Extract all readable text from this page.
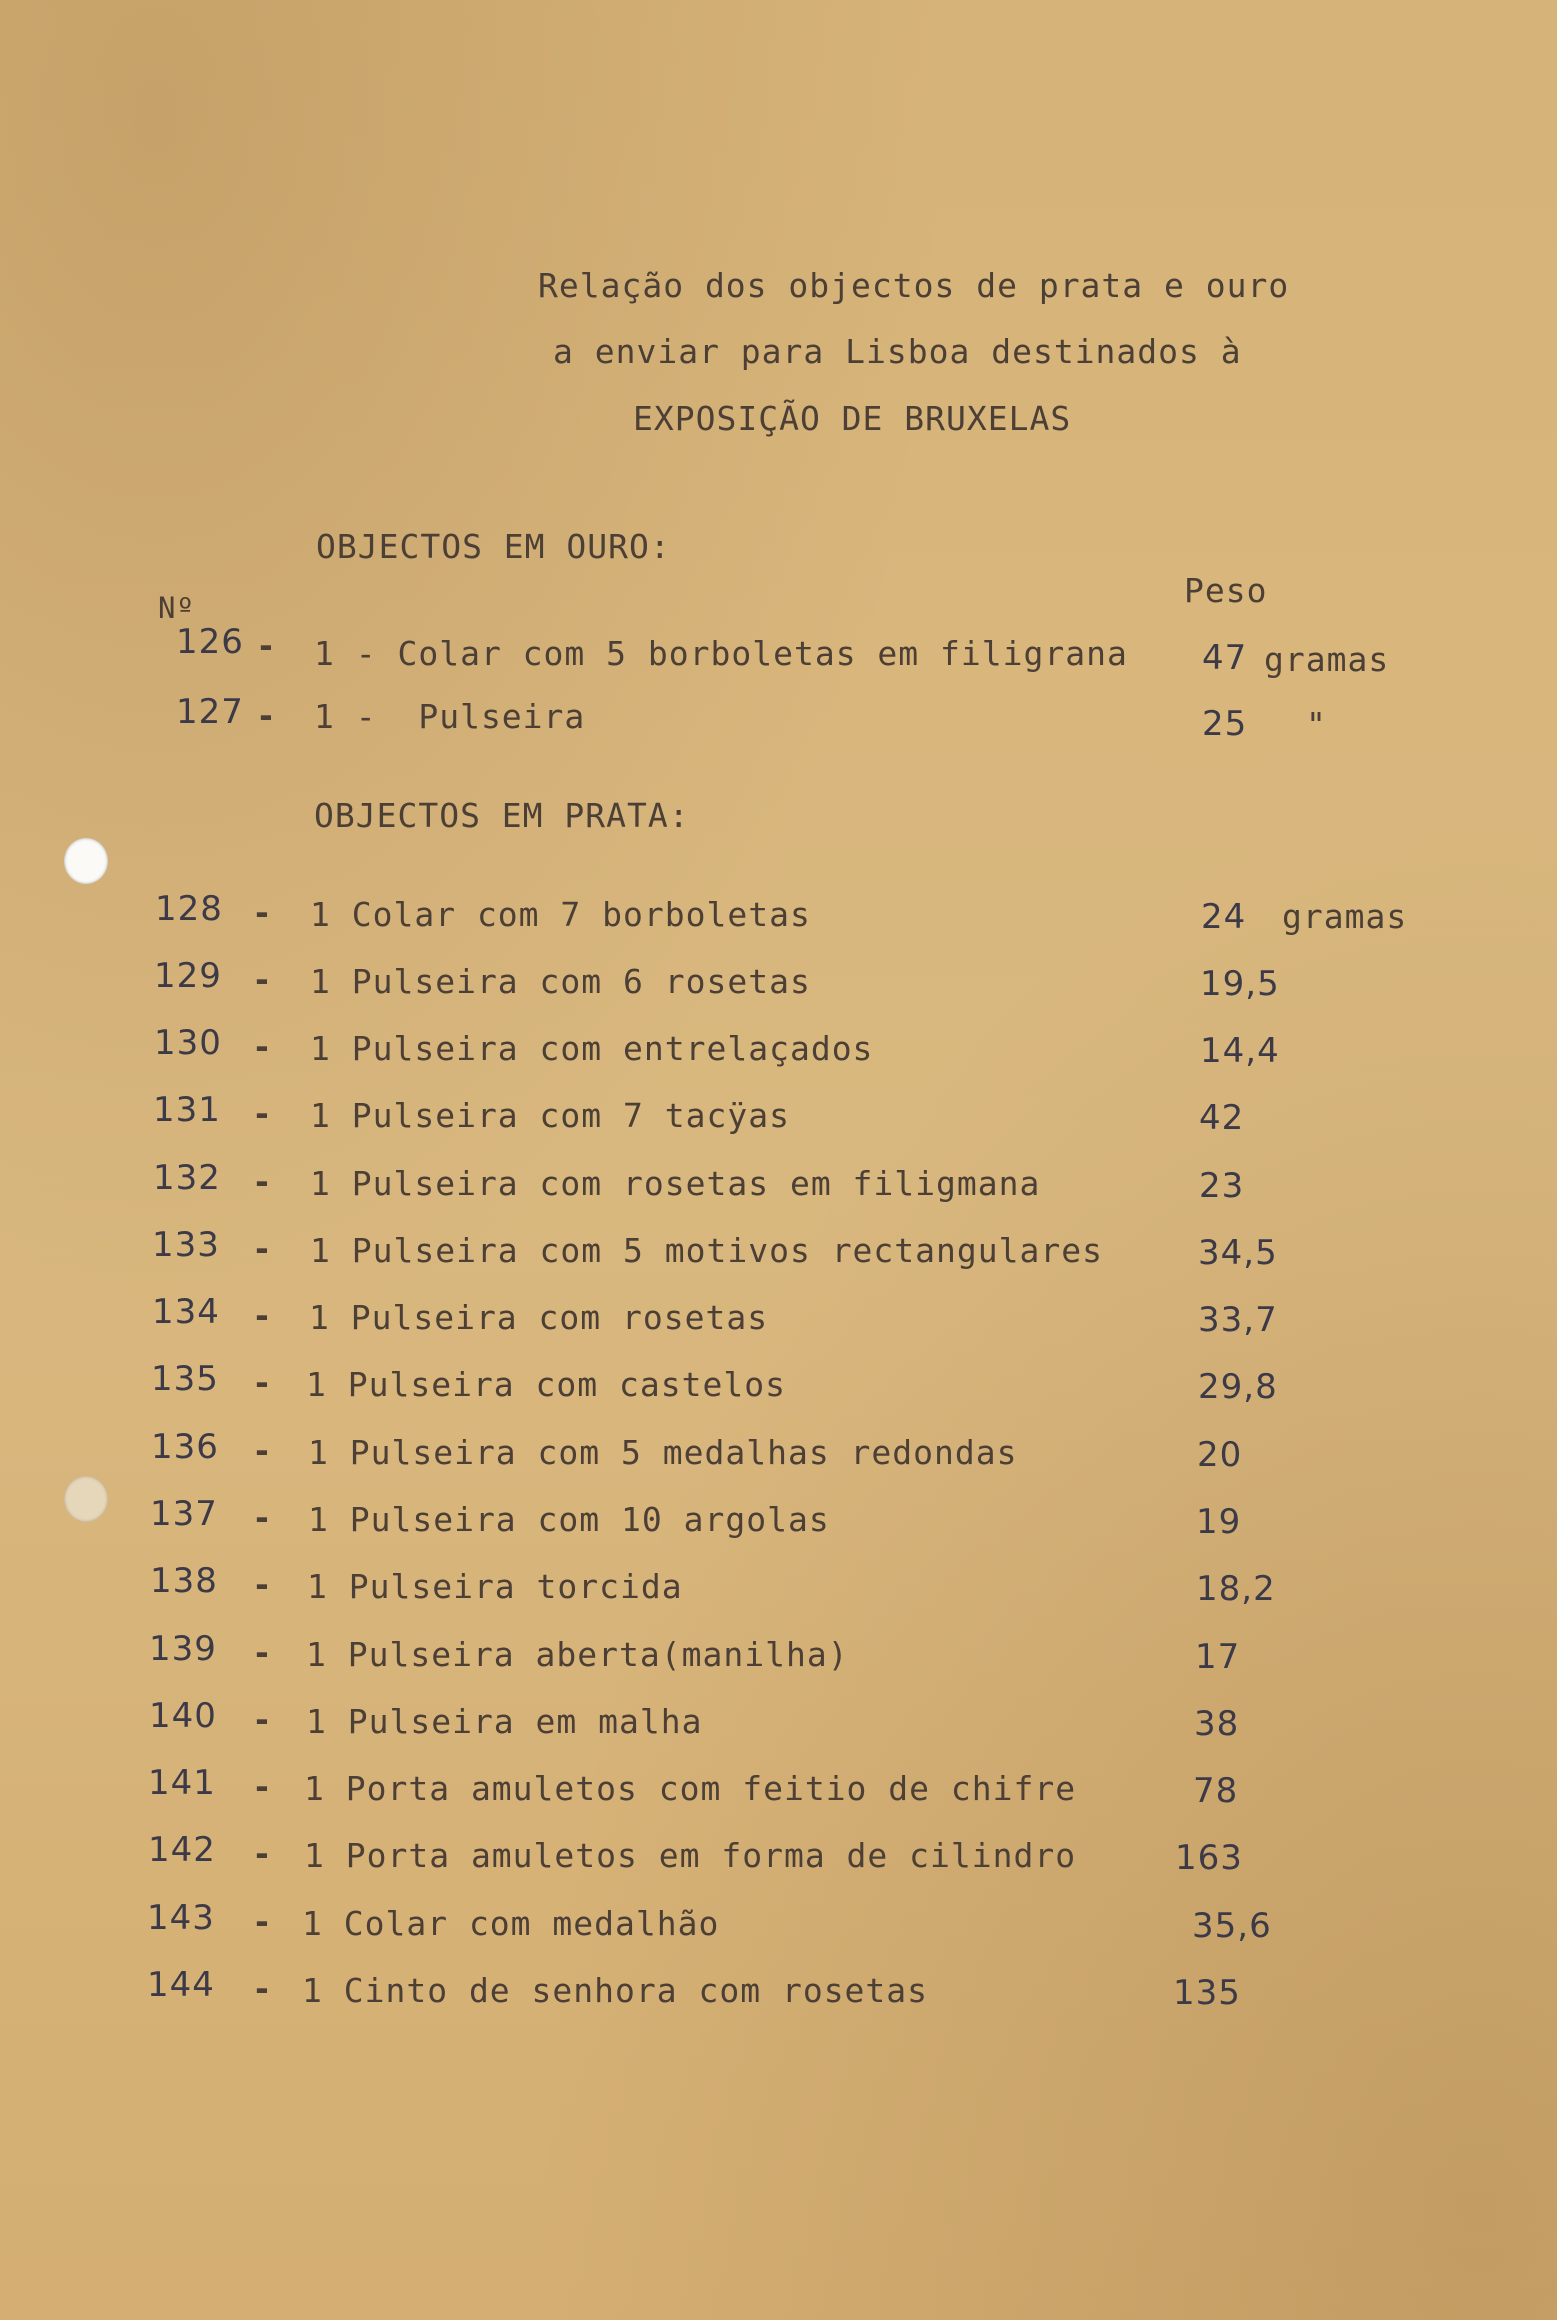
Relação dos objectos de prata e ouro
a enviar para Lisboa destinados à
EXPOSIÇÃO DE BRUXELAS
OBJECTOS EM OURO:
Nº	Peso
126 - 1 - Colar com 5 borboletas em filigrana 47 gramas
127 - 1 -  Pulseira	25 "
OBJECTOS EM PRATA:
128 - 1 Colar com 7 borboletas	24 gramas
129 - 1 Pulseira com 6 rosetas	19,5
130 - 1 Pulseira com entrelaçados	14,4
131 - 1 Pulseira com 7 tacÿas	42
132 - 1 Pulseira com rosetas em filigmana	23
133 - 1 Pulseira com 5 motivos rectangulares	34,5
134 - 1 Pulseira com rosetas	33,7
135 - 1 Pulseira com castelos	29,8
136 - 1 Pulseira com 5 medalhas redondas	20
137 - 1 Pulseira com 10 argolas	19
138 - 1 Pulseira torcida	18,2
139 - 1 Pulseira aberta(manilha)	17
140 - 1 Pulseira em malha	38
141 - 1 Porta amuletos com feitio de chifre	78
142 - 1 Porta amuletos em forma de cilindro	163
143 - 1 Colar com medalhão	35,6
144 - 1 Cinto de senhora com rosetas	135
